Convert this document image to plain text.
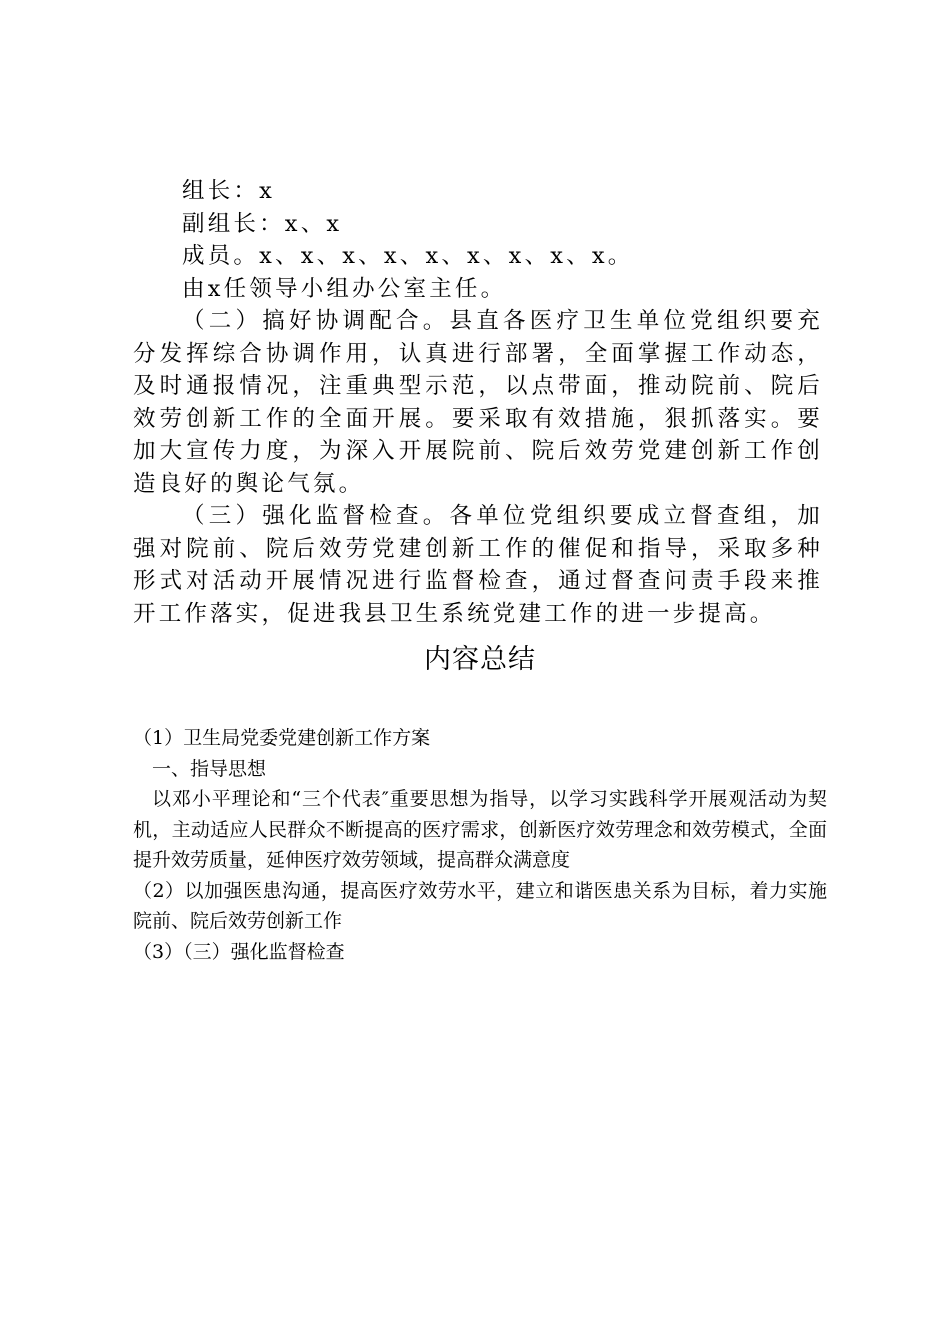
组长：x

副组长：x、x

成员。x、x、x、x、x、x、x、x、x。

由x任领导小组办公室主任。

（二）搞好协调配合。县直各医疗卫生单位党组织要充分发挥综合协调作用，认真进行部署，全面掌握工作动态，及时通报情况，注重典型示范，以点带面，推动院前、院后效劳创新工作的全面开展。要采取有效措施，狠抓落实。要加大宣传力度，为深入开展院前、院后效劳党建创新工作创造良好的舆论气氛。

（三）强化监督检查。各单位党组织要成立督查组，加强对院前、院后效劳党建创新工作的催促和指导，采取多种形式对活动开展情况进行监督检查，通过督查问责手段来推开工作落实，促进我县卫生系统党建工作的进一步提高。

内容总结

（1）卫生局党委党建创新工作方案

一、指导思想

以邓小平理论和“三个代表″重要思想为指导，以学习实践科学开展观活动为契机，主动适应人民群众不断提高的医疗需求，创新医疗效劳理念和效劳模式，全面提升效劳质量，延伸医疗效劳领域，提高群众满意度

（2）以加强医患沟通，提高医疗效劳水平，建立和谐医患关系为目标，着力实施院前、院后效劳创新工作

（3）（三）强化监督检查
